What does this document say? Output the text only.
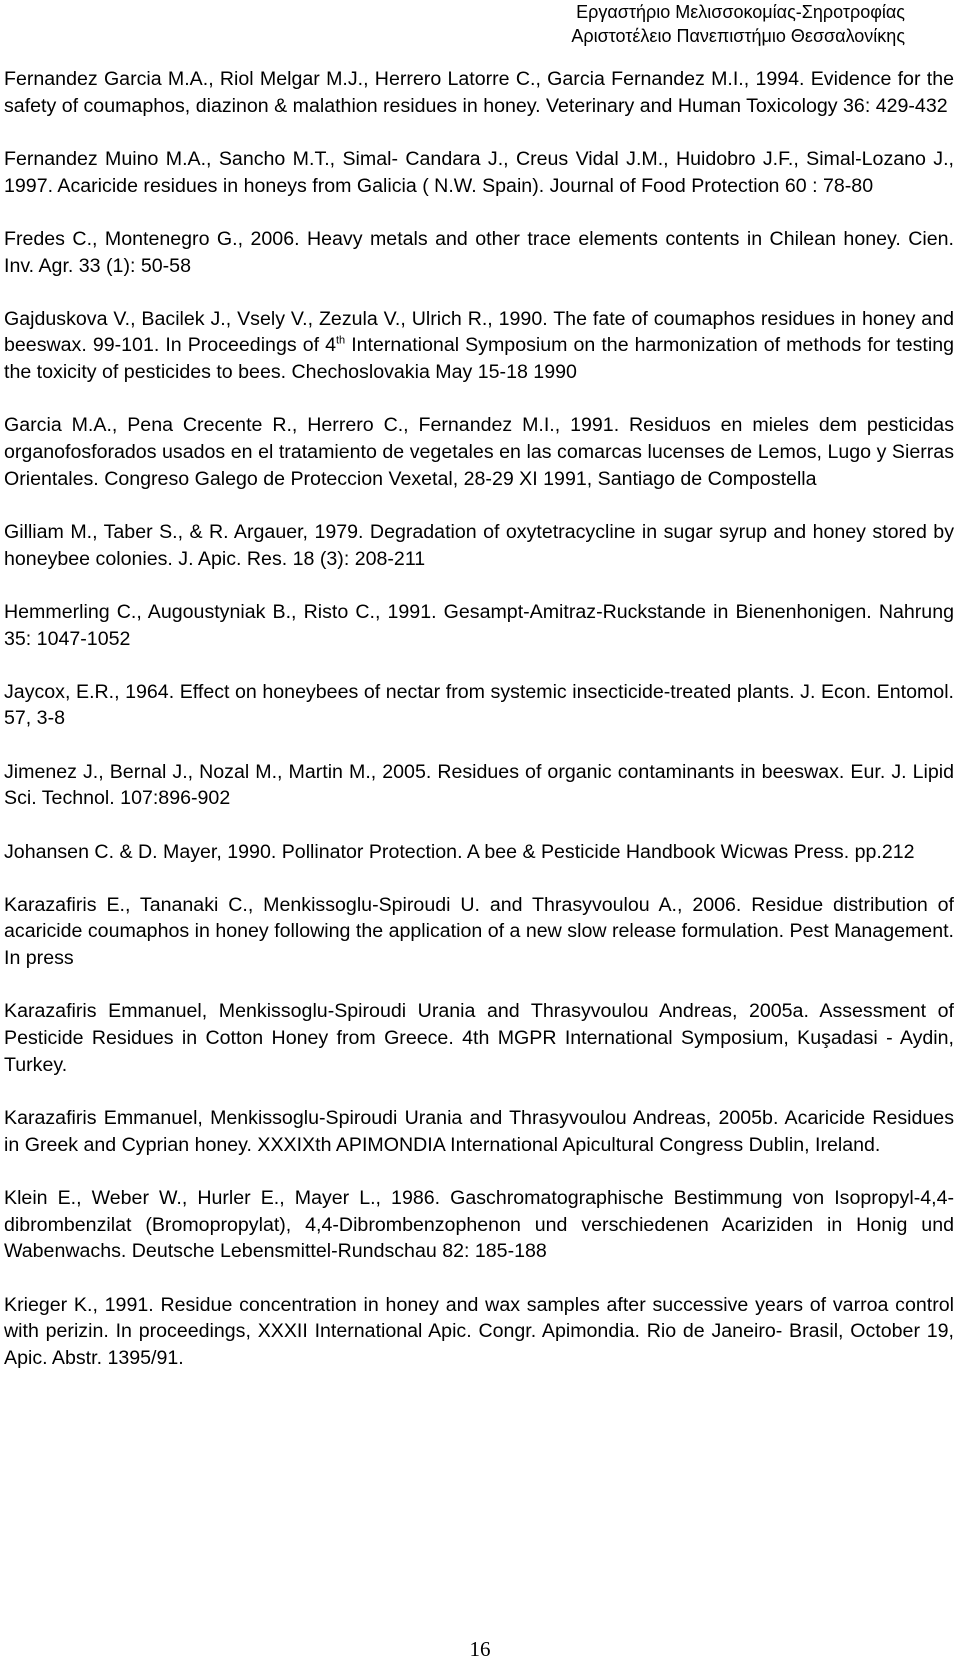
Εργαστήριο Μελισσοκομίας-Σηροτροφίας
Αριστοτέλειο Πανεπιστήμιο Θεσσαλονίκης

Fernandez Garcia M.A., Riol Melgar M.J., Herrero Latorre C., Garcia Fernandez M.I., 1994. Evidence for the safety of coumaphos, diazinon & malathion residues in honey. Veterinary and Human Toxicology 36: 429-432

Fernandez Muino M.A., Sancho M.T., Simal- Candara J., Creus Vidal J.M., Huidobro J.F., Simal-Lozano J., 1997. Acaricide residues in honeys from Galicia ( N.W. Spain). Journal of Food Protection 60 : 78-80

Fredes C., Montenegro G., 2006. Heavy metals and other trace elements contents in Chilean honey. Cien. Inv. Agr. 33 (1): 50-58

Gajduskova V., Bacilek J., Vsely V., Zezula V., Ulrich R., 1990. The fate of coumaphos residues in honey and beeswax. 99-101. In Proceedings of 4th International Symposium on the harmonization of methods for testing the toxicity of pesticides to bees. Chechoslovakia May 15-18 1990

Garcia M.A., Pena Crecente R., Herrero C., Fernandez M.I., 1991. Residuos en mieles dem pesticidas organofosforados usados en el tratamiento de vegetales en las comarcas lucenses de Lemos, Lugo y Sierras Orientales. Congreso Galego de Proteccion Vexetal, 28-29 XI 1991, Santiago de Compostella

Gilliam M., Taber S., & R. Argauer, 1979. Degradation of oxytetracycline in sugar syrup and honey stored by honeybee colonies. J. Apic. Res. 18 (3): 208-211

Hemmerling C., Augoustyniak B., Risto C., 1991. Gesampt-Amitraz-Ruckstande in Bienenhonigen. Nahrung 35: 1047-1052

Jaycox, E.R., 1964. Effect on honeybees of nectar from systemic insecticide-treated plants. J. Econ. Entomol. 57, 3-8

Jimenez J., Bernal J., Nozal M., Martin M., 2005. Residues of organic contaminants in beeswax. Eur. J. Lipid Sci. Technol. 107:896-902

Johansen C. & D. Mayer, 1990. Pollinator Protection. A bee & Pesticide Handbook Wicwas Press. pp.212

Karazafiris E., Tananaki C., Menkissoglu-Spiroudi U. and Thrasyvoulou A., 2006. Residue distribution of acaricide coumaphos in honey following the application of a new slow release formulation. Pest Management. In press

Karazafiris Emmanuel, Menkissoglu-Spiroudi Urania and Thrasyvoulou Andreas, 2005a. Assessment of Pesticide Residues in Cotton Honey from Greece. 4th MGPR International Symposium, Kuşadasi - Aydin, Turkey.

Karazafiris Emmanuel, Menkissoglu-Spiroudi Urania and Thrasyvoulou Andreas, 2005b. Acaricide Residues in Greek and Cyprian honey. XXXIXth APIMONDIA International Apicultural Congress Dublin, Ireland.

Klein E., Weber W., Hurler E., Mayer L., 1986. Gaschromatographische Bestimmung von Isopropyl-4,4-dibrombenzilat (Bromopropylat), 4,4-Dibrombenzophenon und verschiedenen Acariziden in Honig und Wabenwachs. Deutsche Lebensmittel-Rundschau 82: 185-188

Krieger K., 1991. Residue concentration in honey and wax samples after successive years of varroa control with perizin. In proceedings, XXXII International Apic. Congr. Apimondia. Rio de Janeiro- Brasil, October 19, Apic. Abstr. 1395/91.

16
